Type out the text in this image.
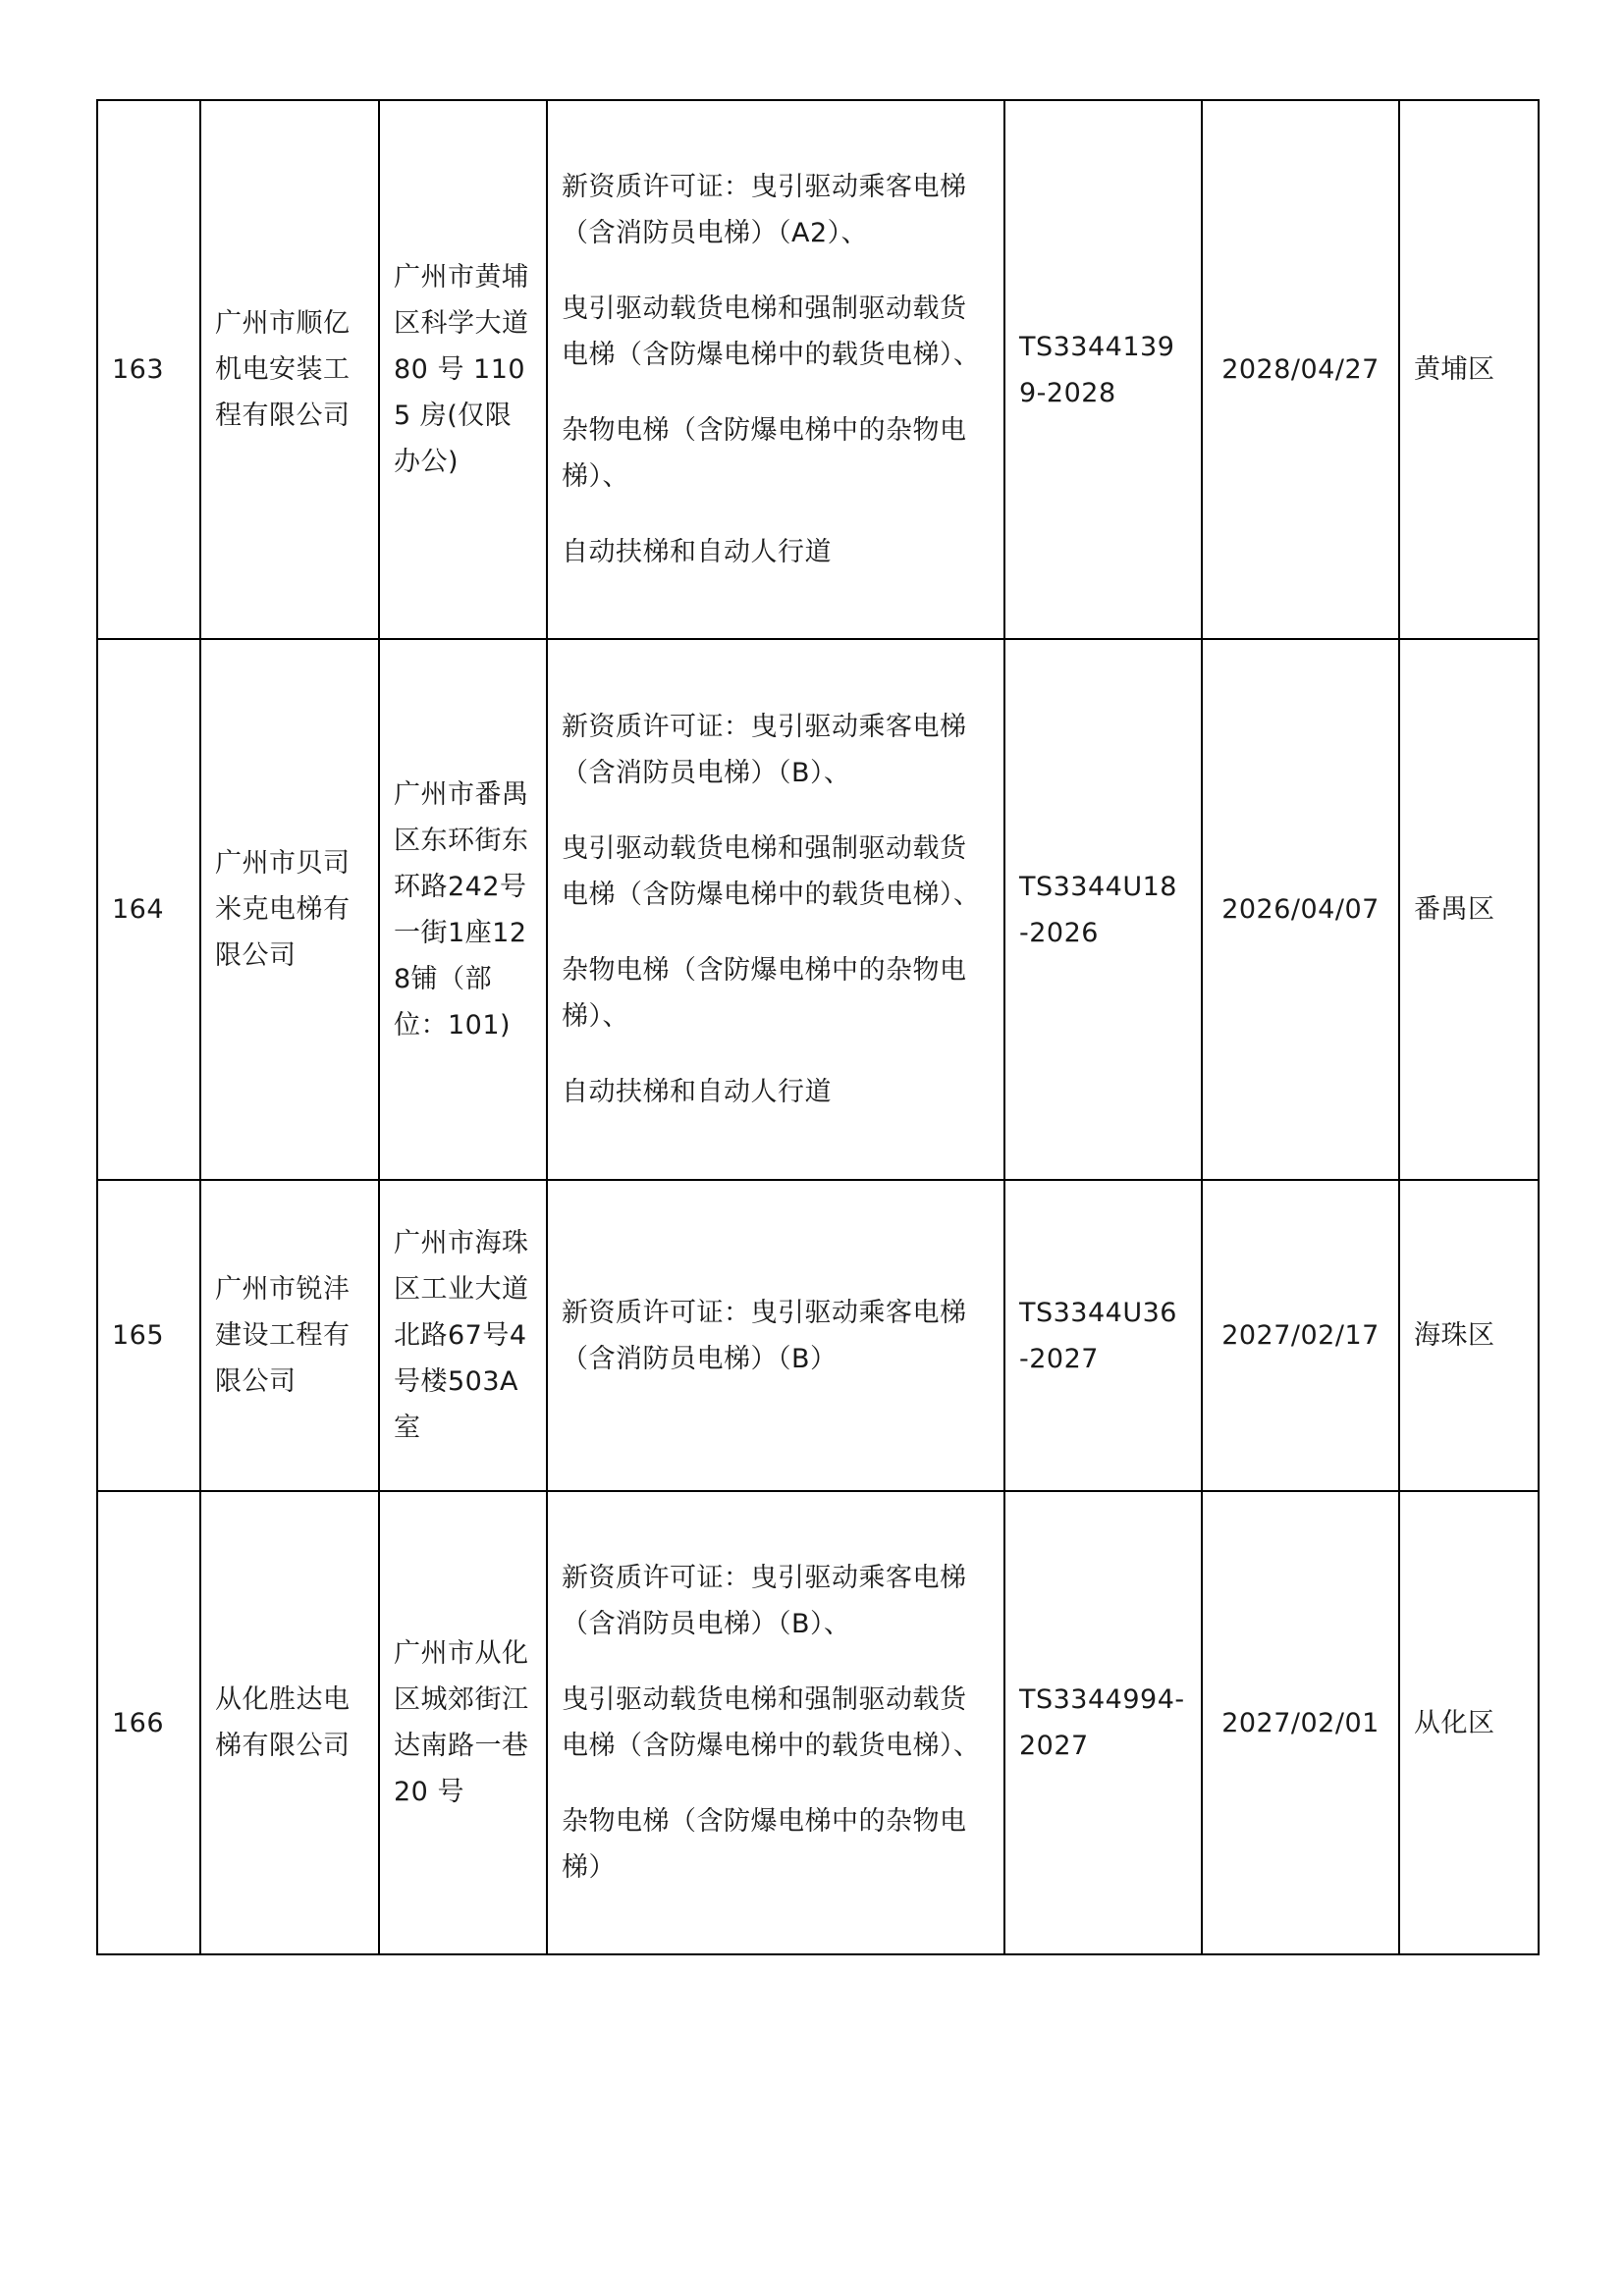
163	广州市顺亿机电安装工程有限公司	广州市黄埔区科学大道 80 号 1105 房(仅限办公)	新资质许可证：曳引驱动乘客电梯（含消防员电梯）（A2）、
曳引驱动载货电梯和强制驱动载货电梯（含防爆电梯中的载货电梯）、
杂物电梯（含防爆电梯中的杂物电梯）、
自动扶梯和自动人行道	TS33441399-2028	2028/04/27	黄埔区
164	广州市贝司米克电梯有限公司	广州市番禺区东环街东环路242号一街1座128铺（部位：101)	新资质许可证：曳引驱动乘客电梯（含消防员电梯）（B）、
曳引驱动载货电梯和强制驱动载货电梯（含防爆电梯中的载货电梯）、
杂物电梯（含防爆电梯中的杂物电梯）、
自动扶梯和自动人行道	TS3344U18-2026	2026/04/07	番禺区
165	广州市锐沣建设工程有限公司	广州市海珠区工业大道北路67号4号楼503A 室	新资质许可证：曳引驱动乘客电梯（含消防员电梯）（B）	TS3344U36-2027	2027/02/17	海珠区
166	从化胜达电梯有限公司	广州市从化区城郊街江达南路一巷 20 号	新资质许可证：曳引驱动乘客电梯（含消防员电梯）（B）、
曳引驱动载货电梯和强制驱动载货电梯（含防爆电梯中的载货电梯）、
杂物电梯（含防爆电梯中的杂物电梯）	TS3344994-2027	2027/02/01	从化区
